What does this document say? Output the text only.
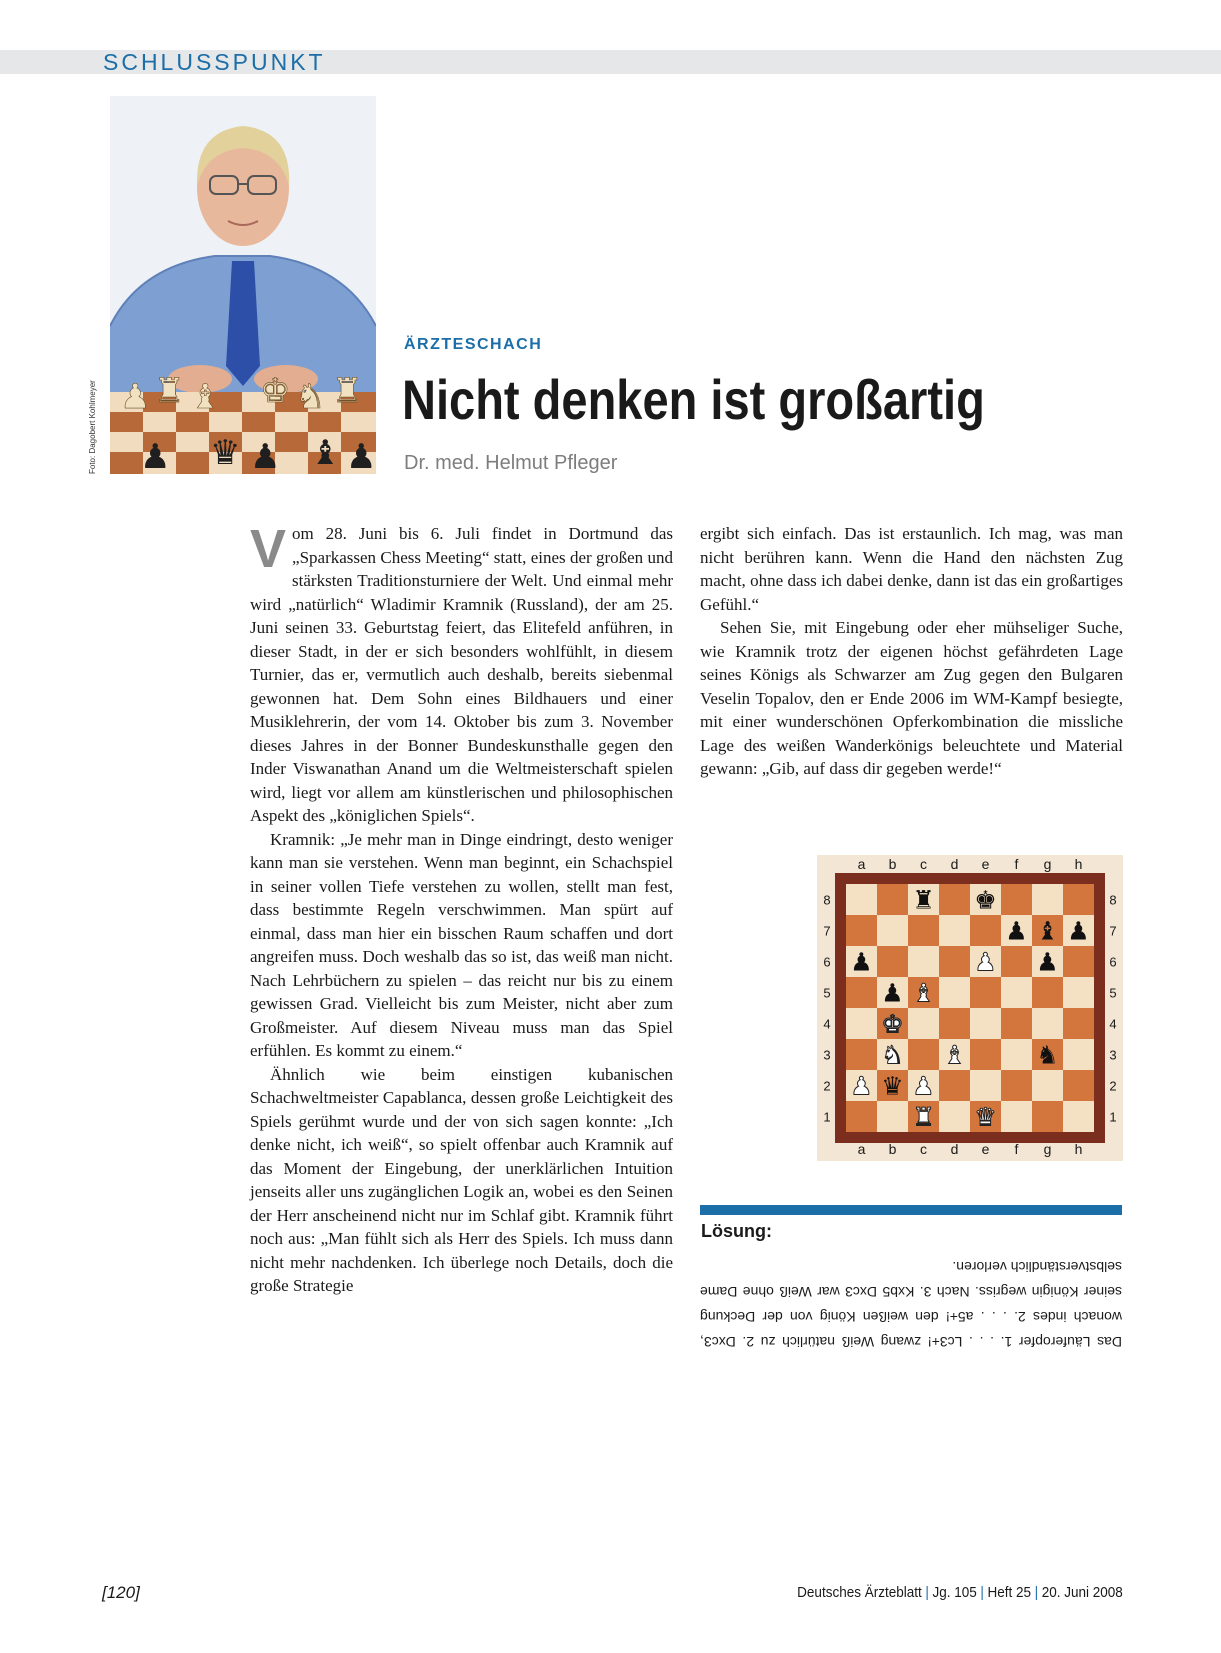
SCHLUSSPUNKT
♟ ♜ ♝ ♚ ♞ ♜
♟ ♛ ♟ ♝ ♟
Foto: Dagobert Kohlmeyer
ÄRZTESCHACH
Nicht denken ist großartig
Dr. med. Helmut Pfleger

Vom 28. Juni bis 6. Juli findet in Dortmund das „Sparkassen Chess Meeting“ statt, eines der großen und stärksten Traditionsturniere der Welt. Und einmal mehr wird „natürlich“ Wladimir Kramnik (Russland), der am 25. Juni seinen 33. Geburtstag feiert, das Elitefeld anführen, in dieser Stadt, in der er sich besonders wohlfühlt, in diesem Turnier, das er, vermutlich auch deshalb, bereits siebenmal gewonnen hat. Dem Sohn eines Bildhauers und einer Musiklehrerin, der vom 14. Oktober bis zum 3. November dieses Jahres in der Bonner Bundeskunsthalle gegen den Inder Viswanathan Anand um die Weltmeisterschaft spielen wird, liegt vor allem am künstlerischen und philosophischen Aspekt des „königlichen Spiels“.

Kramnik: „Je mehr man in Dinge eindringt, desto weniger kann man sie verstehen. Wenn man beginnt, ein Schachspiel in seiner vollen Tiefe verstehen zu wollen, stellt man fest, dass bestimmte Regeln verschwimmen. Man spürt auf einmal, dass man hier ein bisschen Raum schaffen und dort angreifen muss. Doch weshalb das so ist, das weiß man nicht. Nach Lehrbüchern zu spielen – das reicht nur bis zu einem gewissen Grad. Vielleicht bis zum Meister, nicht aber zum Großmeister. Auf diesem Niveau muss man das Spiel erfühlen. Es kommt zu einem.“

Ähnlich wie beim einstigen kubanischen Schachweltmeister Capablanca, dessen große Leichtigkeit des Spiels gerühmt wurde und der von sich sagen konnte: „Ich denke nicht, ich weiß“, so spielt offenbar auch Kramnik auf das Moment der Eingebung, der unerklärlichen Intuition jenseits aller uns zugänglichen Logik an, wobei es den Seinen der Herr anscheinend nicht nur im Schlaf gibt. Kramnik führt noch aus: „Man fühlt sich als Herr des Spiels. Ich muss dann nicht mehr nachdenken. Ich überlege noch Details, doch die große Strategie

ergibt sich einfach. Das ist erstaunlich. Ich mag, was man nicht berühren kann. Wenn die Hand den nächsten Zug macht, ohne dass ich dabei denke, dann ist das ein großartiges Gefühl.“

Sehen Sie, mit Eingebung oder eher mühseliger Suche, wie Kramnik trotz der eigenen höchst gefährdeten Lage seines Königs als Schwarzer am Zug gegen den Bulgaren Veselin Topalov, den er Ende 2006 im WM-Kampf besiegte, mit einer wunderschönen Opferkombination die missliche Lage des weißen Wanderkönigs beleuchtete und Material gewann: „Gib, auf dass dir gegeben werde!“

♜ ♚
♟ ♝ ♟
♟	♟ ♟
♟ ♝
♚
♞ ♝	♞
♟ ♛ ♟
♜ ♛
a
a
b
b
c
c
d
d
e
e
f
f
g
g
h
h
8	8
7	7
6	6
5	5
4	4
3	3
2	2
1	1
Lösung:
Das Läuferopfer 1. . . . Lc3+! zwang Weiß natürlich zu 2. Dxc3, wonach indes 2. . . . a5+! den weißen König von der Deckung seiner Königin wegriss. Nach 3. Kxb5 Dxc3 war Weiß ohne Dame selbstverständlich verloren.
[120]	Deutsches Ärzteblatt | Jg. 105 | Heft 25 | 20. Juni 2008
